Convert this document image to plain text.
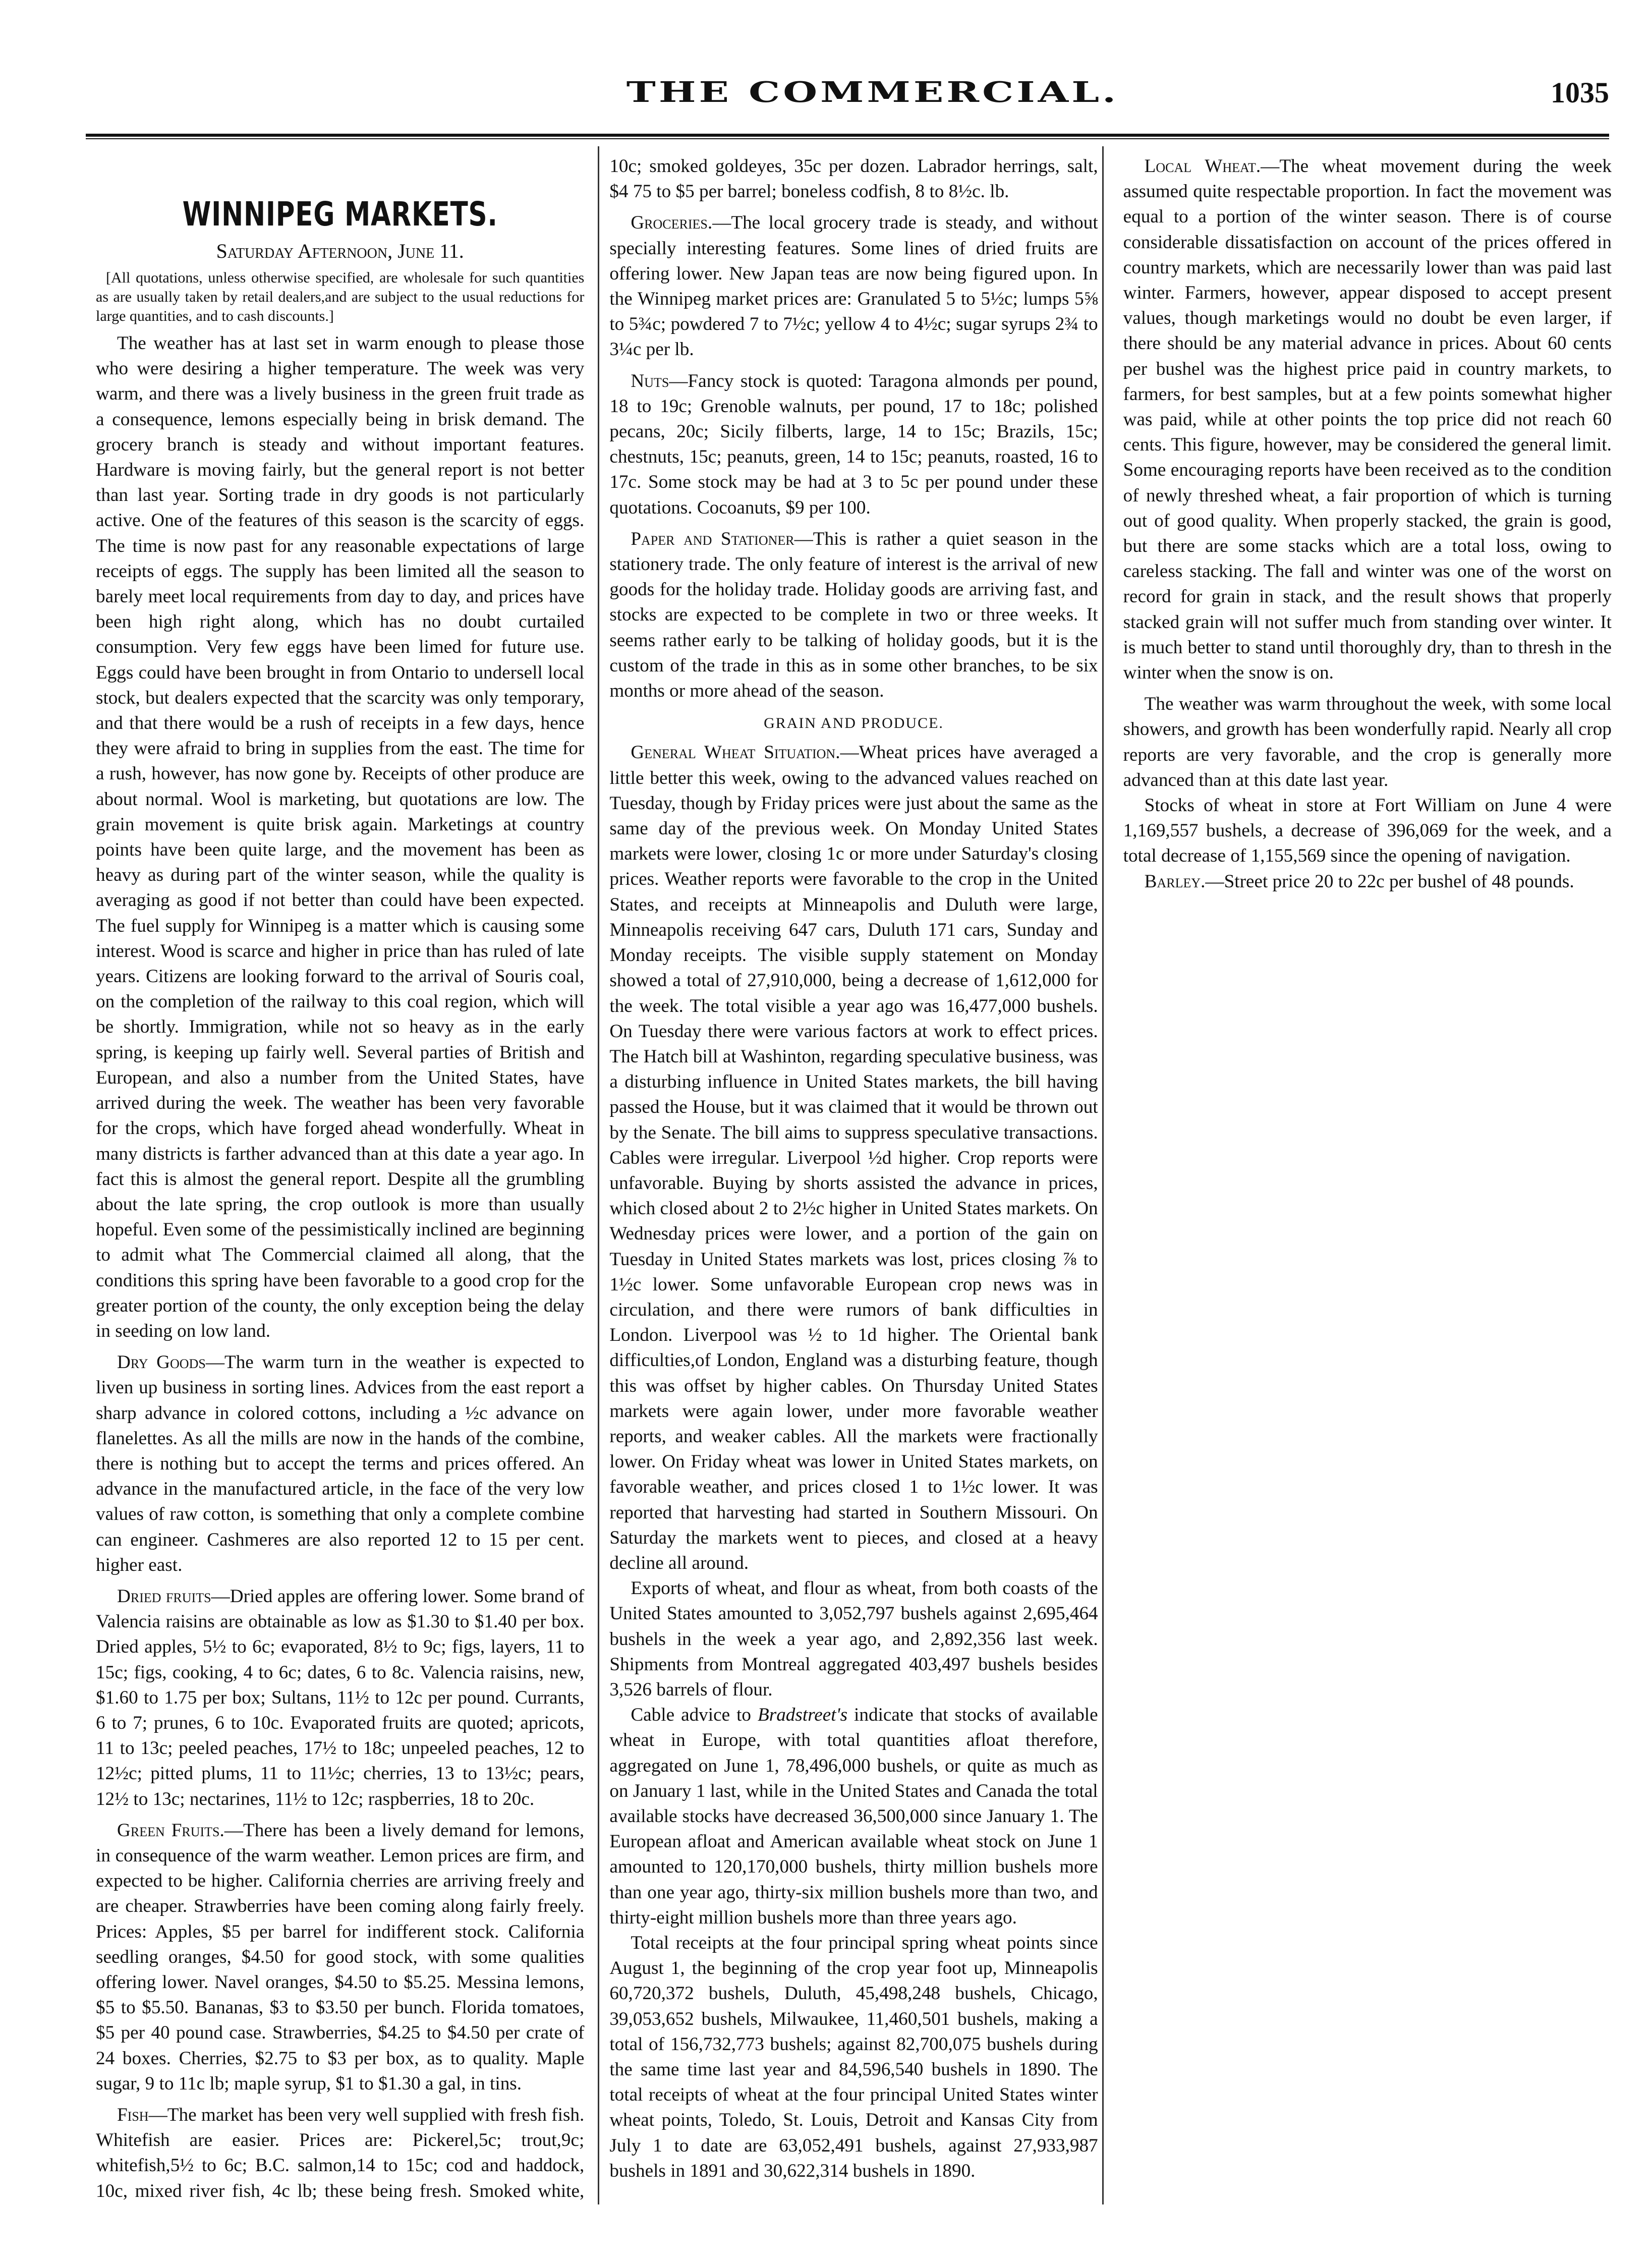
THE COMMERCIAL.	1035
WINNIPEG MARKETS.
Saturday Afternoon, June 11.
[All quotations, unless otherwise specified, are wholesale for such quantities as are usually taken by retail dealers,and are subject to the usual reductions for large quantities, and to cash discounts.]

The weather has at last set in warm enough to please those who were desiring a higher temperature. The week was very warm, and there was a lively business in the green fruit trade as a consequence, lemons especially being in brisk demand. The grocery branch is steady and without important features. Hardware is moving fairly, but the general report is not better than last year. Sorting trade in dry goods is not particularly active. One of the features of this season is the scarcity of eggs. The time is now past for any reasonable expectations of large receipts of eggs. The supply has been limited all the season to barely meet local requirements from day to day, and prices have been high right along, which has no doubt curtailed consumption. Very few eggs have been limed for future use. Eggs could have been brought in from Ontario to undersell local stock, but dealers expected that the scarcity was only temporary, and that there would be a rush of receipts in a few days, hence they were afraid to bring in supplies from the east. The time for a rush, however, has now gone by. Receipts of other produce are about normal. Wool is marketing, but quotations are low. The grain movement is quite brisk again. Marketings at country points have been quite large, and the movement has been as heavy as during part of the winter season, while the quality is averaging as good if not better than could have been expected. The fuel supply for Winnipeg is a matter which is causing some interest. Wood is scarce and higher in price than has ruled of late years. Citizens are looking forward to the arrival of Souris coal, on the completion of the railway to this coal region, which will be shortly. Immigration, while not so heavy as in the early spring, is keeping up fairly well. Several parties of British and European, and also a number from the United States, have arrived during the week. The weather has been very favorable for the crops, which have forged ahead wonderfully. Wheat in many districts is farther advanced than at this date a year ago. In fact this is almost the general report. Despite all the grumbling about the late spring, the crop outlook is more than usually hopeful. Even some of the pessimistically inclined are beginning to admit what The Commercial claimed all along, that the conditions this spring have been favorable to a good crop for the greater portion of the county, the only exception being the delay in seeding on low land.

Dry Goods—The warm turn in the weather is expected to liven up business in sorting lines. Advices from the east report a sharp advance in colored cottons, including a ½c advance on flanelettes. As all the mills are now in the hands of the combine, there is nothing but to accept the terms and prices offered. An advance in the manufactured article, in the face of the very low values of raw cotton, is something that only a complete combine can engineer. Cashmeres are also reported 12 to 15 per cent. higher east.

Dried fruits—Dried apples are offering lower. Some brand of Valencia raisins are obtainable as low as $1.30 to $1.40 per box. Dried apples, 5½ to 6c; evaporated, 8½ to 9c; figs, layers, 11 to 15c; figs, cooking, 4 to 6c; dates, 6 to 8c. Valencia raisins, new, $1.60 to 1.75 per box; Sultans, 11½ to 12c per pound. Currants, 6 to 7; prunes, 6 to 10c. Evaporated fruits are quoted; apricots, 11 to 13c; peeled peaches, 17½ to 18c; unpeeled peaches, 12 to 12½c; pitted plums, 11 to 11½c; cherries, 13 to 13½c; pears, 12½ to 13c; nectarines, 11½ to 12c; raspberries, 18 to 20c.

Green Fruits.—There has been a lively demand for lemons, in consequence of the warm weather. Lemon prices are firm, and expected to be higher. California cherries are arriving freely and are cheaper. Strawberries have been coming along fairly freely. Prices: Apples, $5 per barrel for indifferent stock. California seedling oranges, $4.50 for good stock, with some qualities offering lower. Navel oranges, $4.50 to $5.25. Messina lemons, $5 to $5.50. Bananas, $3 to $3.50 per bunch. Florida tomatoes, $5 per 40 pound case. Strawberries, $4.25 to $4.50 per crate of 24 boxes. Cherries, $2.75 to $3 per box, as to quality. Maple sugar, 9 to 11c lb; maple syrup, $1 to $1.30 a gal, in tins.

Fish—The market has been very well supplied with fresh fish. Whitefish are easier. Prices are: Pickerel,5c; trout,9c; whitefish,5½ to 6c; B.C. salmon,14 to 15c; cod and haddock, 10c, mixed river fish, 4c lb; these being fresh. Smoked white, 10c; smoked goldeyes, 35c per dozen. Labrador herrings, salt, $4 75 to $5 per barrel; boneless codfish, 8 to 8½c. lb.

Groceries.—The local grocery trade is steady, and without specially interesting features. Some lines of dried fruits are offering lower. New Japan teas are now being figured upon. In the Winnipeg market prices are: Granulated 5 to 5½c; lumps 5⅝ to 5¾c; powdered 7 to 7½c; yellow 4 to 4½c; sugar syrups 2¾ to 3¼c per lb.

Nuts—Fancy stock is quoted: Taragona almonds per pound, 18 to 19c; Grenoble walnuts, per pound, 17 to 18c; polished pecans, 20c; Sicily filberts, large, 14 to 15c; Brazils, 15c; chestnuts, 15c; peanuts, green, 14 to 15c; peanuts, roasted, 16 to 17c. Some stock may be had at 3 to 5c per pound under these quotations. Cocoanuts, $9 per 100.

Paper and Stationer—This is rather a quiet season in the stationery trade. The only feature of interest is the arrival of new goods for the holiday trade. Holiday goods are arriving fast, and stocks are expected to be complete in two or three weeks. It seems rather early to be talking of holiday goods, but it is the custom of the trade in this as in some other branches, to be six months or more ahead of the season.

GRAIN AND PRODUCE.

General Wheat Situation.—Wheat prices have averaged a little better this week, owing to the advanced values reached on Tuesday, though by Friday prices were just about the same as the same day of the previous week. On Monday United States markets were lower, closing 1c or more under Saturday's closing prices. Weather reports were favorable to the crop in the United States, and receipts at Minneapolis and Duluth were large, Minneapolis receiving 647 cars, Duluth 171 cars, Sunday and Monday receipts. The visible supply statement on Monday showed a total of 27,910,000, being a decrease of 1,612,000 for the week. The total visible a year ago was 16,477,000 bushels. On Tuesday there were various factors at work to effect prices. The Hatch bill at Washinton, regarding speculative business, was a disturbing influence in United States markets, the bill having passed the House, but it was claimed that it would be thrown out by the Senate. The bill aims to suppress speculative transactions. Cables were irregular. Liverpool ½d higher. Crop reports were unfavorable. Buying by shorts assisted the advance in prices, which closed about 2 to 2½c higher in United States markets. On Wednesday prices were lower, and a portion of the gain on Tuesday in United States markets was lost, prices closing ⅞ to 1½c lower. Some unfavorable European crop news was in circulation, and there were rumors of bank difficulties in London. Liverpool was ½ to 1d higher. The Oriental bank difficulties,of London, England was a disturbing feature, though this was offset by higher cables. On Thursday United States markets were again lower, under more favorable weather reports, and weaker cables. All the markets were fractionally lower. On Friday wheat was lower in United States markets, on favorable weather, and prices closed 1 to 1½c lower. It was reported that harvesting had started in Southern Missouri. On Saturday the markets went to pieces, and closed at a heavy decline all around.

Exports of wheat, and flour as wheat, from both coasts of the United States amounted to 3,052,797 bushels against 2,695,464 bushels in the week a year ago, and 2,892,356 last week. Shipments from Montreal aggregated 403,497 bushels besides 3,526 barrels of flour.

Cable advice to Bradstreet's indicate that stocks of available wheat in Europe, with total quantities afloat therefore, aggregated on June 1, 78,496,000 bushels, or quite as much as on January 1 last, while in the United States and Canada the total available stocks have decreased 36,500,000 since January 1. The European afloat and American available wheat stock on June 1 amounted to 120,170,000 bushels, thirty million bushels more than one year ago, thirty-six million bushels more than two, and thirty-eight million bushels more than three years ago.

Total receipts at the four principal spring wheat points since August 1, the beginning of the crop year foot up, Minneapolis 60,720,372 bushels, Duluth, 45,498,248 bushels, Chicago, 39,053,652 bushels, Milwaukee, 11,460,501 bushels, making a total of 156,732,773 bushels; against 82,700,075 bushels during the same time last year and 84,596,540 bushels in 1890. The total receipts of wheat at the four principal United States winter wheat points, Toledo, St. Louis, Detroit and Kansas City from July 1 to date are 63,052,491 bushels, against 27,933,987 bushels in 1891 and 30,622,314 bushels in 1890.

Local Wheat.—The wheat movement during the week assumed quite respectable proportion. In fact the movement was equal to a portion of the winter season. There is of course considerable dissatisfaction on account of the prices offered in country markets, which are necessarily lower than was paid last winter. Farmers, however, appear disposed to accept present values, though marketings would no doubt be even larger, if there should be any material advance in prices. About 60 cents per bushel was the highest price paid in country markets, to farmers, for best samples, but at a few points somewhat higher was paid, while at other points the top price did not reach 60 cents. This figure, however, may be considered the general limit. Some encouraging reports have been received as to the condition of newly threshed wheat, a fair proportion of which is turning out of good quality. When properly stacked, the grain is good, but there are some stacks which are a total loss, owing to careless stacking. The fall and winter was one of the worst on record for grain in stack, and the result shows that properly stacked grain will not suffer much from standing over winter. It is much better to stand until thoroughly dry, than to thresh in the winter when the snow is on.

The weather was warm throughout the week, with some local showers, and growth has been wonderfully rapid. Nearly all crop reports are very favorable, and the crop is generally more advanced than at this date last year.

Stocks of wheat in store at Fort William on June 4 were 1,169,557 bushels, a decrease of 396,069 for the week, and a total decrease of 1,155,569 since the opening of navigation.

Barley.—Street price 20 to 22c per bushel of 48 pounds.
